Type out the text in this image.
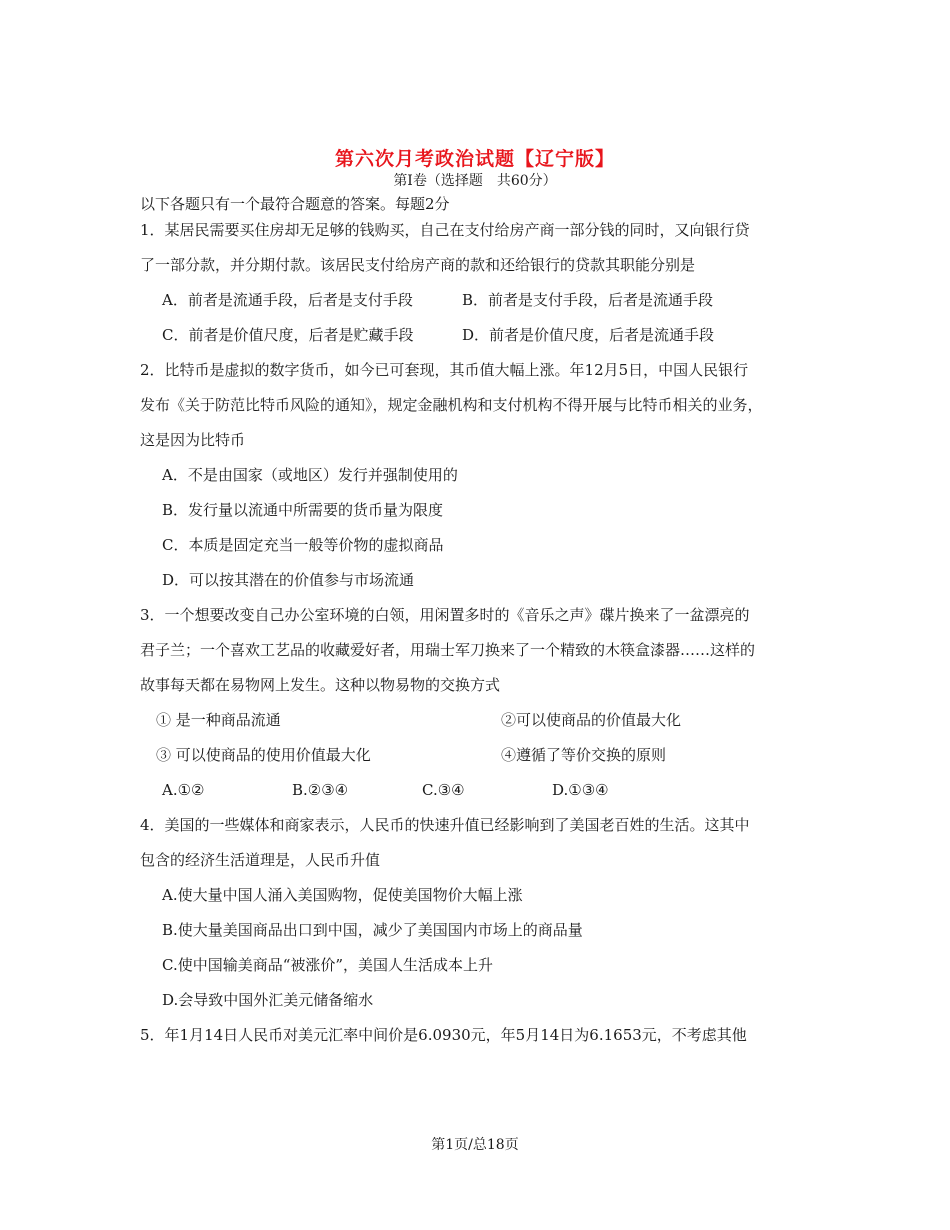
第六次月考政治试题【辽宁版】
第Ⅰ卷（选择题　共60分）
以下各题只有一个最符合题意的答案。每题2分
1．某居民需要买住房却无足够的钱购买，自己在支付给房产商一部分钱的同时，又向银行贷
了一部分款，并分期付款。该居民支付给房产商的款和还给银行的贷款其职能分别是
A．前者是流通手段，后者是支付手段	B．前者是支付手段，后者是流通手段
C．前者是价值尺度，后者是贮藏手段	D．前者是价值尺度，后者是流通手段
2．比特币是虚拟的数字货币，如今已可套现，其币值大幅上涨。年12月5日，中国人民银行
发布《关于防范比特币风险的通知》，规定金融机构和支付机构不得开展与比特币相关的业务，
这是因为比特币
A．不是由国家（或地区）发行并强制使用的
B．发行量以流通中所需要的货币量为限度
C．本质是固定充当一般等价物的虚拟商品
D．可以按其潜在的价值参与市场流通
3．一个想要改变自己办公室环境的白领，用闲置多时的《音乐之声》碟片换来了一盆漂亮的
君子兰；一个喜欢工艺品的收藏爱好者，用瑞士军刀换来了一个精致的木筷盒漆器……这样的
故事每天都在易物网上发生。这种以物易物的交换方式
① 是一种商品流通	②可以使商品的价值最大化
③ 可以使商品的使用价值最大化	④遵循了等价交换的原则
A.①②	B.②③④	C.③④	D.①③④
4．美国的一些媒体和商家表示，人民币的快速升值已经影响到了美国老百姓的生活。这其中
包含的经济生活道理是，人民币升值
A.使大量中国人涌入美国购物，促使美国物价大幅上涨
B.使大量美国商品出口到中国，减少了美国国内市场上的商品量
C.使中国输美商品“被涨价”，美国人生活成本上升
D.会导致中国外汇美元储备缩水
5．年1月14日人民币对美元汇率中间价是6.0930元，年5月14日为6.1653元，不考虑其他
第1页/总18页
